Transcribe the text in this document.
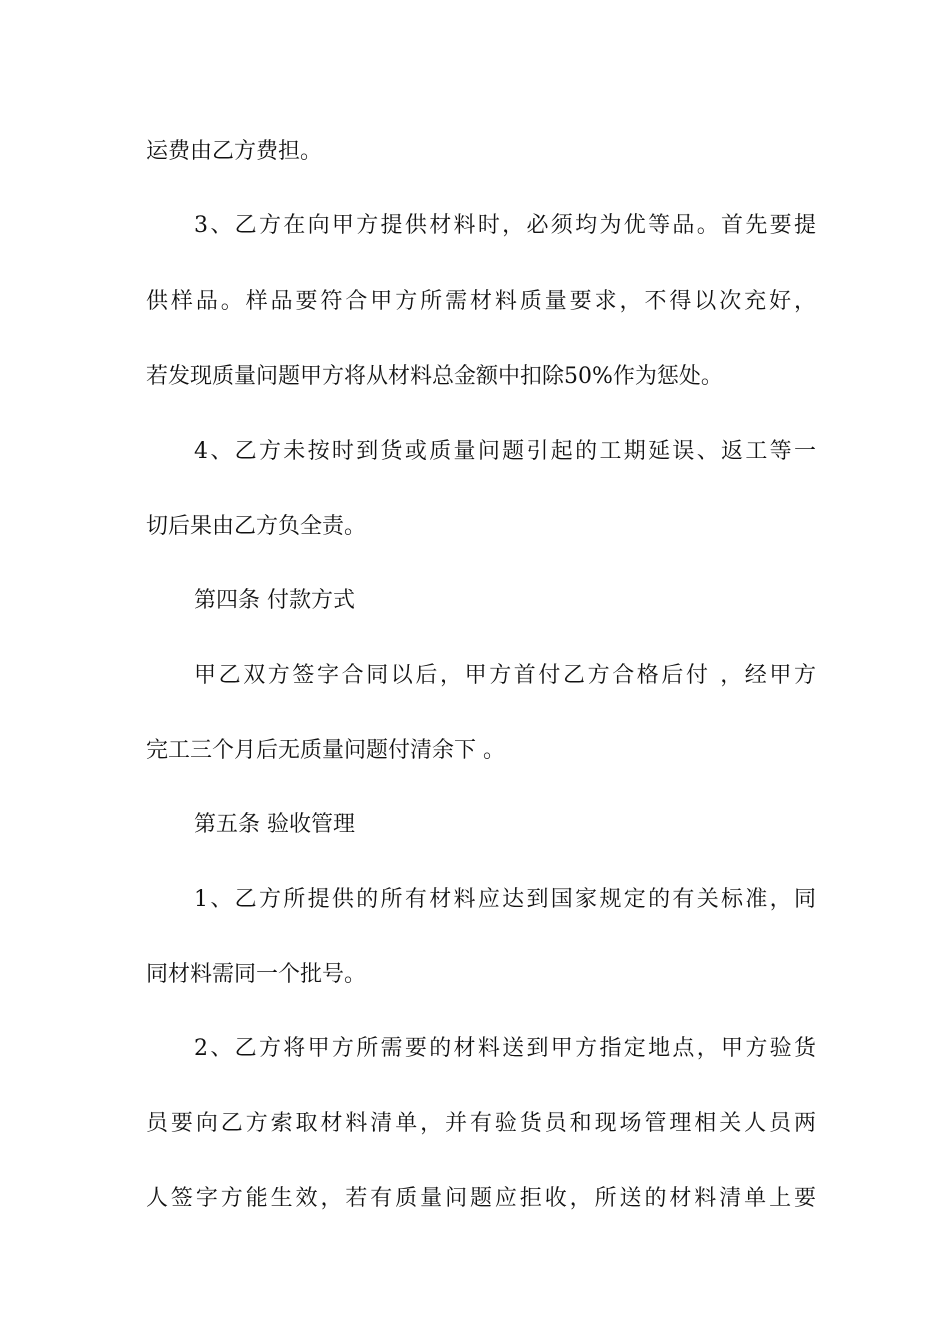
运费由乙方费担。
3、乙方在向甲方提供材料时，必须均为优等品。首先要提
供样品。样品要符合甲方所需材料质量要求，不得以次充好，
若发现质量问题甲方将从材料总金额中扣除50%作为惩处。
4、乙方未按时到货或质量问题引起的工期延误、返工等一
切后果由乙方负全责。
第四条 付款方式
甲乙双方签字合同以后，甲方首付乙方合格后付 ，经甲方
完工三个月后无质量问题付清余下 。
第五条 验收管理
1、乙方所提供的所有材料应达到国家规定的有关标准，同
同材料需同一个批号。
2、乙方将甲方所需要的材料送到甲方指定地点，甲方验货
员要向乙方索取材料清单，并有验货员和现场管理相关人员两
人签字方能生效，若有质量问题应拒收，所送的材料清单上要
